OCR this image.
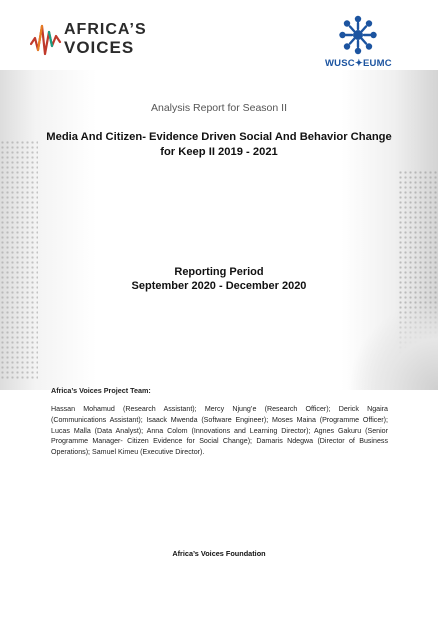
AFRICA’S
VOICES
WUSC✦EUMC
Analysis Report for Season II
Media And Citizen- Evidence Driven Social And Behavior Change
for Keep II 2019 - 2021
Reporting Period
September 2020 - December 2020
Africa’s Voices Project Team:
Hassan Mohamud (Research Assistant); Mercy Njung’e (Research Officer); Derick Ngaira (Communications Assistant); Isaack Mwenda (Software Engineer); Moses Maina (Programme Officer); Lucas Malla (Data Analyst); Anna Colom (Innovations and Learning Director); Agnes Gakuru (Senior Programme Manager- Citizen Evidence for Social Change); Damaris Ndegwa (Director of Business Operations); Samuel Kimeu (Executive Director).
Africa’s Voices Foundation
